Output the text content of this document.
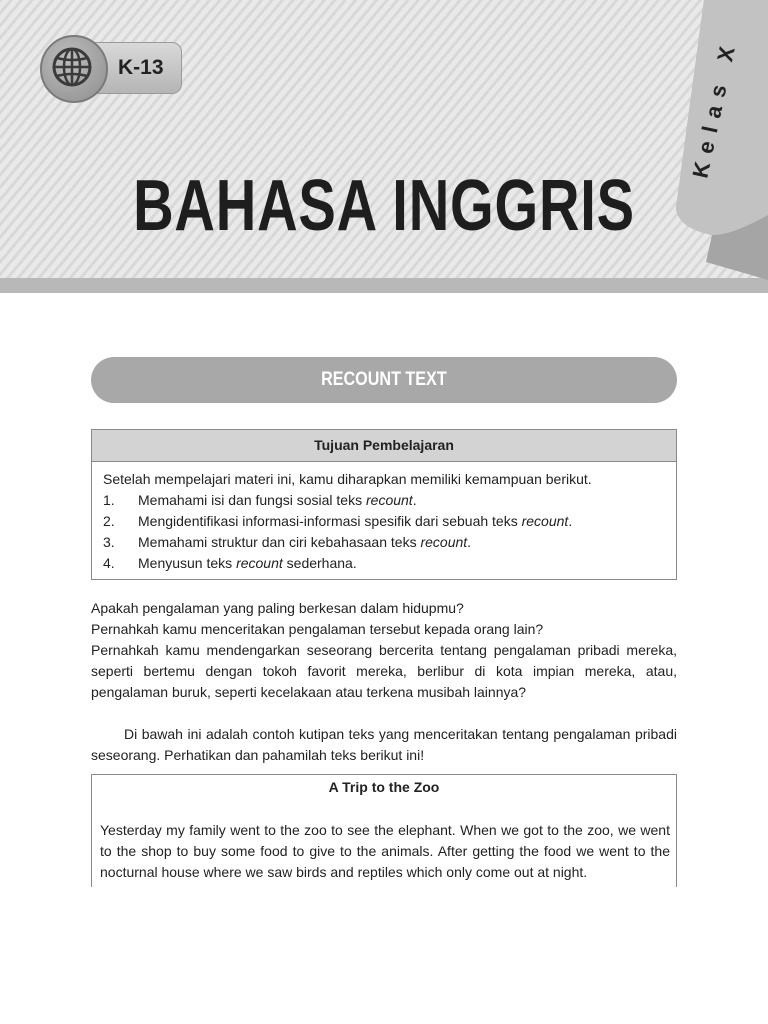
K-13
BAHASA INGGRIS
Kelas X
RECOUNT TEXT
Tujuan Pembelajaran
Setelah mempelajari materi ini, kamu diharapkan memiliki kemampuan berikut.
1.	Memahami isi dan fungsi sosial teks recount.
2.	Mengidentifikasi informasi-informasi spesifik dari sebuah teks recount.
3.	Memahami struktur dan ciri kebahasaan teks recount.
4.	Menyusun teks recount sederhana.
Apakah pengalaman yang paling berkesan dalam hidupmu?
Pernahkah kamu menceritakan pengalaman tersebut kepada orang lain?
Pernahkah kamu mendengarkan seseorang bercerita tentang pengalaman pribadi mereka, seperti bertemu dengan tokoh favorit mereka, berlibur di kota impian mereka, atau, pengalaman buruk, seperti kecelakaan atau terkena musibah lainnya?
Di bawah ini adalah contoh kutipan teks yang menceritakan tentang pengalaman pribadi seseorang. Perhatikan dan pahamilah teks berikut ini!
A Trip to the Zoo
Yesterday my family went to the zoo to see the elephant. When we got to the zoo, we went to the shop to buy some food to give to the animals. After getting the food we went to the nocturnal house where we saw birds and reptiles which only come out at night.
